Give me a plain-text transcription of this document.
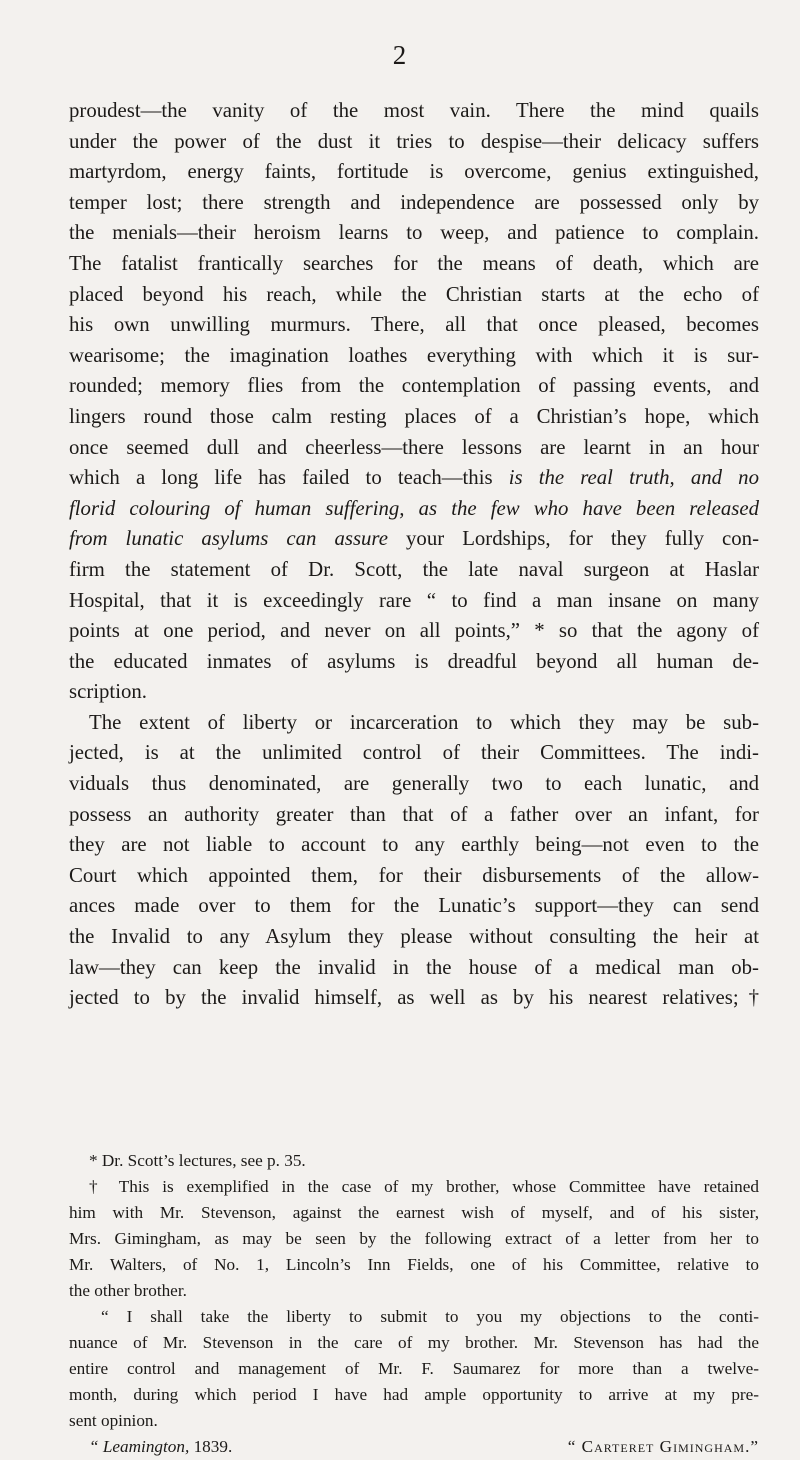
2
proudest—the vanity of the most vain. There the mind quails
under the power of the dust it tries to despise—their delicacy suffers
martyrdom, energy faints, fortitude is overcome, genius extinguished,
temper lost; there strength and independence are possessed only by
the menials—their heroism learns to weep, and patience to complain.
The fatalist frantically searches for the means of death, which are
placed beyond his reach, while the Christian starts at the echo of
his own unwilling murmurs. There, all that once pleased, becomes
wearisome; the imagination loathes everything with which it is sur-
rounded; memory flies from the contemplation of passing events, and
lingers round those calm resting places of a Christian’s hope, which
once seemed dull and cheerless—there lessons are learnt in an hour
which a long life has failed to teach—this is the real truth, and no
florid colouring of human suffering, as the few who have been released
from lunatic asylums can assure your Lordships, for they fully con-
firm the statement of Dr. Scott, the late naval surgeon at Haslar
Hospital, that it is exceedingly rare “ to find a man insane on many
points at one period, and never on all points,” * so that the agony of
the educated inmates of asylums is dreadful beyond all human de-
scription.
The extent of liberty or incarceration to which they may be sub-
jected, is at the unlimited control of their Committees. The indi-
viduals thus denominated, are generally two to each lunatic, and
possess an authority greater than that of a father over an infant, for
they are not liable to account to any earthly being—not even to the
Court which appointed them, for their disbursements of the allow-
ances made over to them for the Lunatic’s support—they can send
the Invalid to any Asylum they please without consulting the heir at
law—they can keep the invalid in the house of a medical man ob-
jected to by the invalid himself, as well as by his nearest relatives;†
* Dr. Scott’s lectures, see p. 35.
† This is exemplified in the case of my brother, whose Committee have retained
him with Mr. Stevenson, against the earnest wish of myself, and of his sister,
Mrs. Gimingham, as may be seen by the following extract of a letter from her to
Mr. Walters, of No. 1, Lincoln’s Inn Fields, one of his Committee, relative to
the other brother.
“ I shall take the liberty to submit to you my objections to the conti-
nuance of Mr. Stevenson in the care of my brother. Mr. Stevenson has had the
entire control and management of Mr. F. Saumarez for more than a twelve-
month, during which period I have had ample opportunity to arrive at my pre-
sent opinion.
“ Leamington, 1839.	“ Carteret Gimingham.”
